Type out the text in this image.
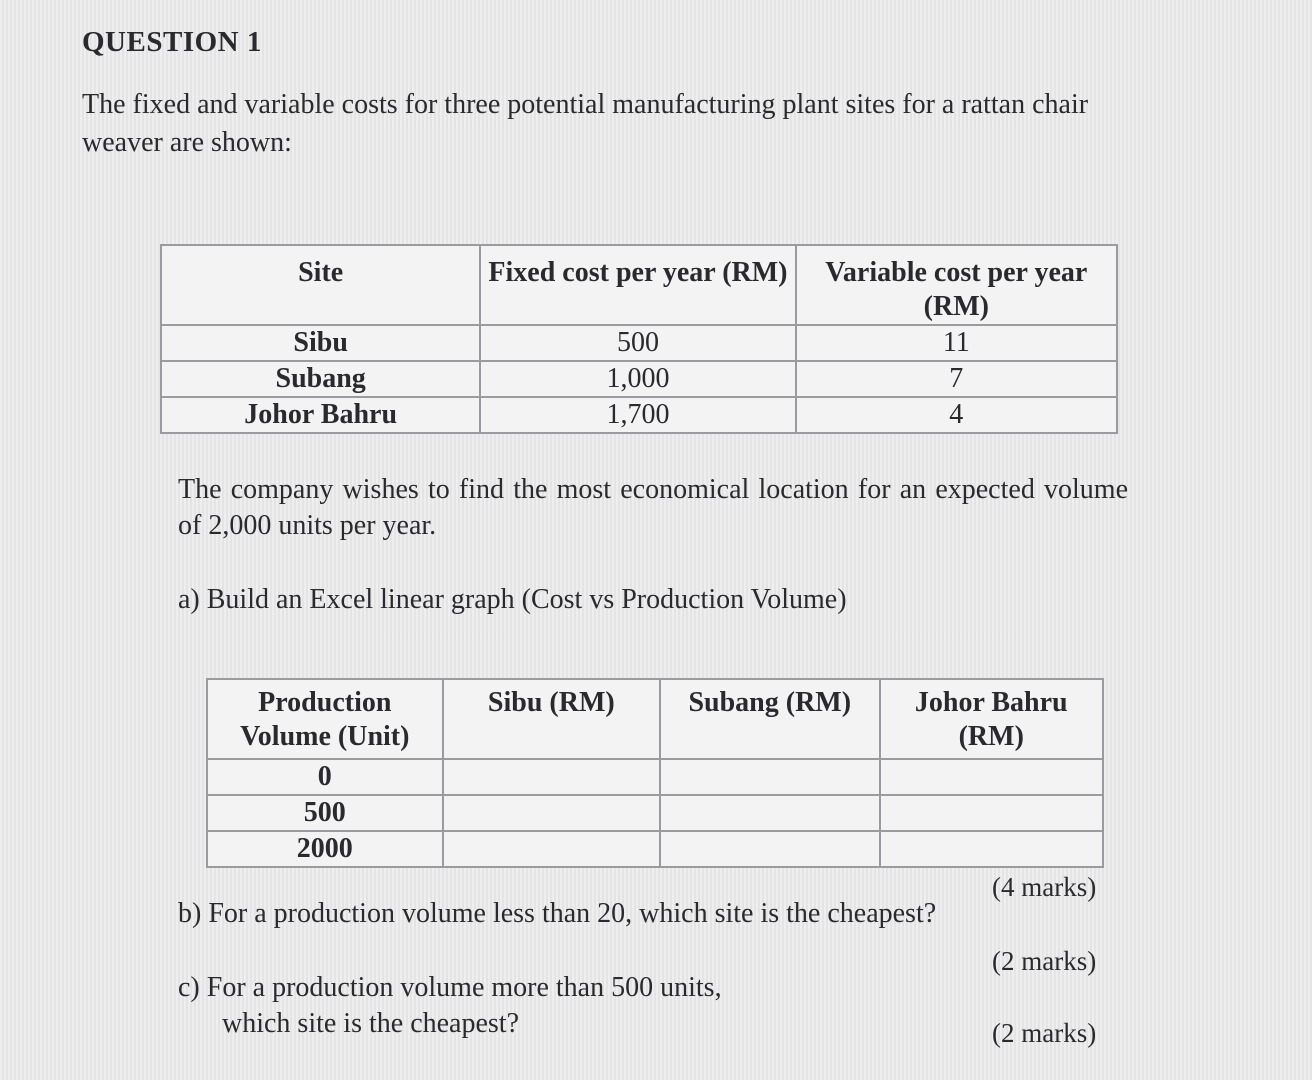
QUESTION 1
The fixed and variable costs for three potential manufacturing plant sites for a rattan chair weaver are shown:
Site	Fixed cost per year (RM)	Variable cost per year (RM)
Sibu	500	11
Subang	1,000	7
Johor Bahru	1,700	4
The company wishes to find the most economical location for an expected volume of 2,000 units per year.
a) Build an Excel linear graph (Cost vs Production Volume)
Production Volume (Unit)	Sibu (RM)	Subang (RM)	Johor Bahru (RM)
0			
500			
2000			
(4 marks)
b) For a production volume less than 20, which site is the cheapest?
(2 marks)
c) For a production volume more than 500 units,
which site is the cheapest?	(2 marks)
